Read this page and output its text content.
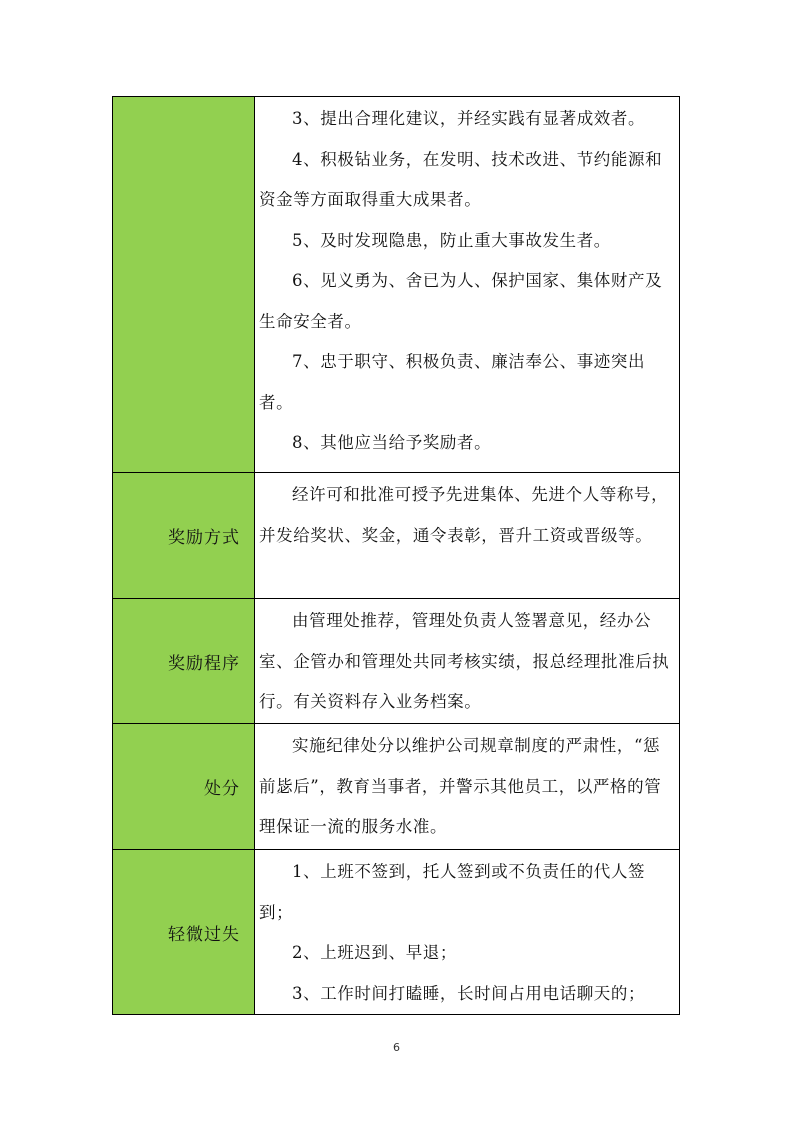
3、提出合理化建议，并经实践有显著成效者。

4、积极钻业务，在发明、技术改进、节约能源和资金等方面取得重大成果者。

5、及时发现隐患，防止重大事故发生者。

6、见义勇为、舍已为人、保护国家、集体财产及生命安全者。

7、忠于职守、积极负责、廉洁奉公、事迹突出者。

8、其他应当给予奖励者。

奖励方式

经许可和批准可授予先进集体、先进个人等称号，并发给奖状、奖金，通令表彰，晋升工资或晋级等。

奖励程序

由管理处推荐，管理处负责人签署意见，经办公室、企管办和管理处共同考核实绩，报总经理批准后执行。有关资料存入业务档案。

处分

实施纪律处分以维护公司规章制度的严肃性，“惩前毖后”，教育当事者，并警示其他员工，以严格的管理保证一流的服务水准。

轻微过失

1、上班不签到，托人签到或不负责任的代人签到；

2、上班迟到、早退；

3、工作时间打瞌睡，长时间占用电话聊天的；

6
